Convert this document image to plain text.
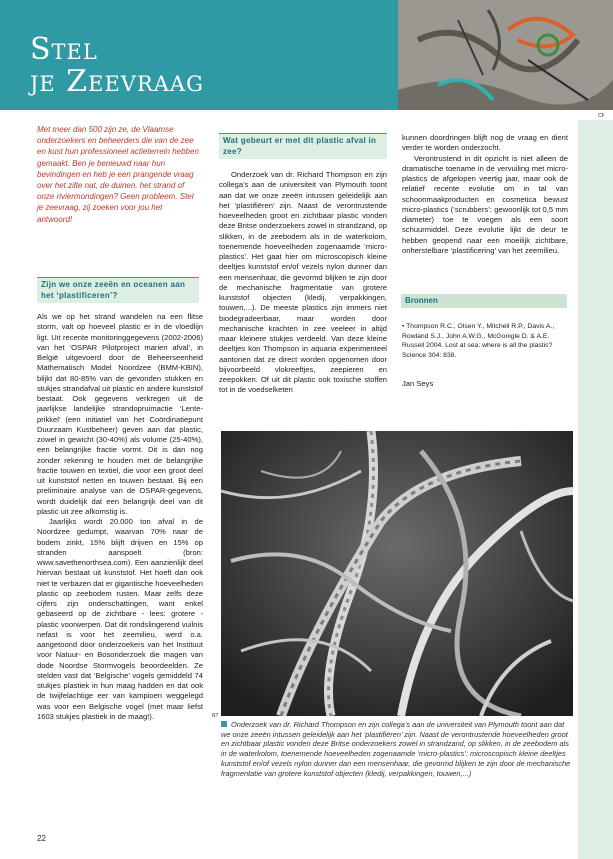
Stel
je Zeevraag
CF

Met meer dan 500 zijn ze, de Vlaamse onderzoekers en beheerders die van de zee en kust hun professioneel actieterrein hebben gemaakt. Ben je benieuwd naar hun bevindingen en heb je een prangende vraag over het zilte nat, de duinen, het strand of onze riviermondingen? Geen probleem. Stel je zeevraag, zij zoeken voor jou het antwoord!

Zijn we onze zeeën en oceanen aan het ‘plastificeren’?

Als we op het strand wandelen na een flitse storm, valt op hoeveel plastic er in de vloedlijn ligt. Uit recente monitoringgegevens (2002-2006) van het ‘OSPAR Pilotproject marien afval’, in België uitgevoerd door de Beheerseenheid Mathematisch Model Noordzee (BMM-KBIN), blijkt dat 80-85% van de gevonden stukken en stukjes strandafval uit plastic en andere kunststof bestaat. Ook gegevens verkregen uit de jaarlijkse landelijke strandopruimactie ‘Lente-prikkel’ (een initiatief van het Coördinatiepunt Duurzaam Kustbeheer) geven aan dat plastic, zowel in gewicht (30-40%) als volume (25-40%), een belangrijke fractie vormt. Dit is dan nog zonder rekening te houden met de belangrijke fractie touwen en textiel, die voor een groot deel uit kunststof netten en touwen bestaat. Bij een preliminaire analyse van de OSPAR-gegevens, wordt duidelijk dat een belangrijk deel van dit plastic uit zee afkomstig is.

Jaarlijks wordt 20.000 ton afval in de Noordzee gedumpt, waarvan 70% naar de bodem zinkt, 15% blijft drijven en 15% op stranden aanspoelt (bron: www.savethenorthsea.com). Een aanzienlijk deel hiervan bestaat uit kunststof. Het hoeft dan ook niet te verbazen dat er gigantische hoeveelheden plastic op zeebodem rusten. Maar zelfs deze cijfers zijn onderschattingen, want enkel gebaseerd op de zichtbare - lees: grotere - plastic voorwerpen. Dat dit rondslingerend vuilnis nefast is voor het zeemilieu, werd o.a. aangetoond door onderzoekers van het Instituut voor Natuur- en Bosonderzoek die magen van dode Noordse Stormvogels beoordeelden. Ze stelden vast dat ‘Belgische’ vogels gemiddeld 74 stukjes plastiek in hun maag hadden en dat ook de twijfelachtige eer van kampioen weggelegd was voor een Belgische vogel (met maar liefst 1603 stukjes plastiek in de maag!).

Wat gebeurt er met dit plastic afval in zee?

Onderzoek van dr. Richard Thompson en zijn collega’s aan de universiteit van Plymouth toont aan dat we onze zeeën intussen geleidelijk aan het ‘plastifiëren’ zijn. Naast de verontrustende hoeveelheden groot en zichtbaar plastic vonden deze Britse onderzoekers zowel in strandzand, op slikken, in de zeebodem als in de waterkolom, toenemende hoeveelheden zogenaamde ‘micro-plastics’. Het gaat hier om microscopisch kleine deeltjes kunststof en/of vezels nylon dunner dan een mensenhaar, die gevormd blijken te zijn door de mechanische fragmentatie van grotere kunststof objecten (kledij, verpakkingen, touwen,...). De meeste plastics zijn immers niet biodegradeerbaar, maar worden door mechanische krachten in zee veeleer in altijd maar kleinere stukjes verdeeld. Van deze kleine deeltjes kon Thompson in aquaria experimenteel aantonen dat ze direct worden opgenomen door bijvoorbeeld vlokreeftjes, zeepieren en zeepokken. Of uit dit plastic ook toxische stoffen tot in de voedselketen

kunnen doordringen blijft nog de vraag en dient verder te worden onderzocht.

Verontrustend in dit opzicht is niet alleen de dramatische toename in de vervuiling met micro-plastics de afgelopen veertig jaar, maar ook de relatief recente evolutie om in tal van schoonmaakproducten en cosmetica bewust micro-plastics (‘scrubbers’: gewoonlijk tot 0,5 mm diameter) toe te voegen als een soort schuurmiddel. Deze evolutie lijkt de deur te hebben geopend naar een moeilijk zichtbare, onherstelbare ‘plastificering’ van het zeemilieu.

Bronnen
• Thompson R.C., Olsen Y., Mitchell R.P., Davis A., Rowland S.J., John A.W.G., McGonigle D. & A.E. Russell 2004. Lost at sea: where is all the plastic? Science 304: 838.
Jan Seys
RT

Onderzoek van dr. Richard Thompson en zijn collega’s aan de universiteit van Plymouth toont aan dat we onze zeeën intussen geleidelijk aan het ‘plastifiëren’ zijn. Naast de verontrustende hoeveelheden groot en zichtbaar plastic vonden deze Britse onderzoekers zowel in strandzand, op slikken, in de zeebodem als in de waterkolom, toenemende hoeveelheden zogenaamde ‘micro-plastics’: microscopisch kleine deeltjes kunststof en/of vezels nylon dunner dan een mensenhaar, die gevormd blijken te zijn door de mechanische fragmentatie van grotere kunststof objecten (kledij, verpakkingen, touwen,...)

22
